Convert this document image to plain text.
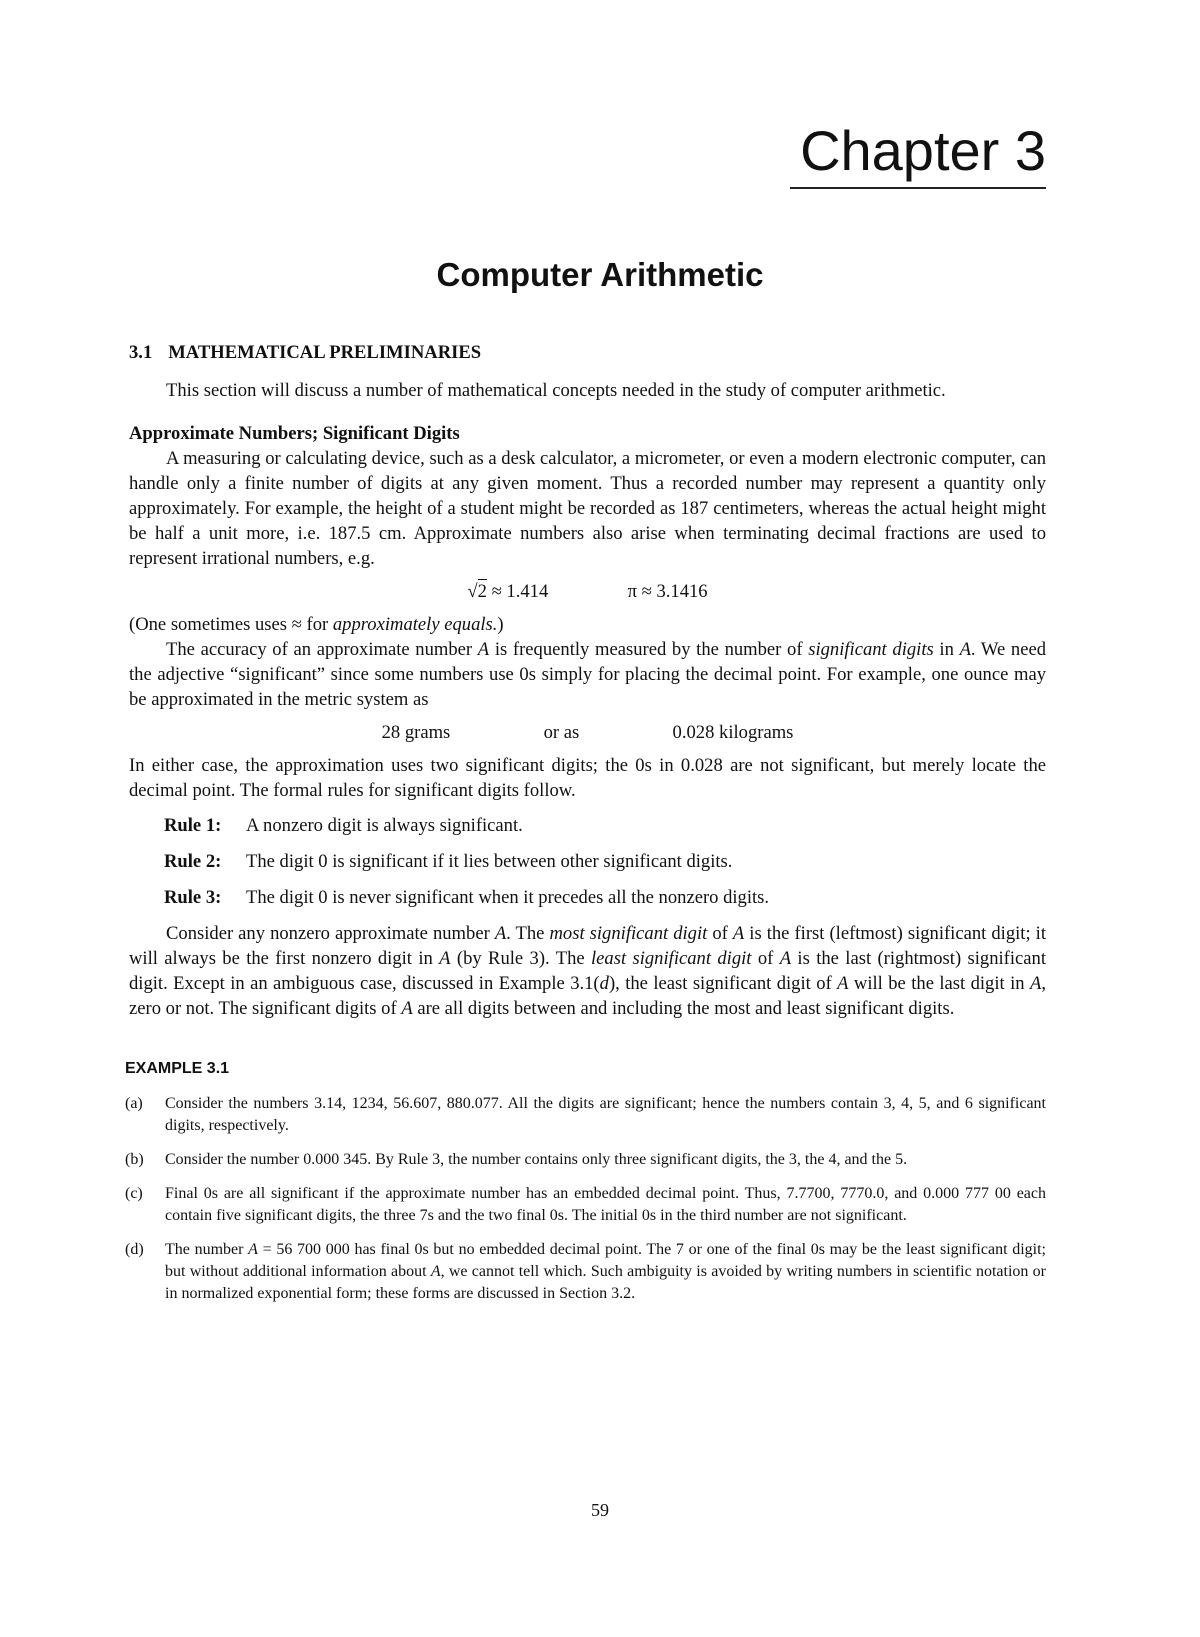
Chapter 3
Computer Arithmetic
3.1 MATHEMATICAL PRELIMINARIES

This section will discuss a number of mathematical concepts needed in the study of computer arithmetic.

Approximate Numbers; Significant Digits

A measuring or calculating device, such as a desk calculator, a micrometer, or even a modern electronic computer, can handle only a finite number of digits at any given moment. Thus a recorded number may represent a quantity only approximately. For example, the height of a student might be recorded as 187 centimeters, whereas the actual height might be half a unit more, i.e. 187.5 cm. Approximate numbers also arise when terminating decimal fractions are used to represent irrational numbers, e.g.

√2 ≈ 1.414	π ≈ 3.1416

(One sometimes uses ≈ for approximately equals.)

The accuracy of an approximate number A is frequently measured by the number of significant digits in A. We need the adjective “significant” since some numbers use 0s simply for placing the decimal point. For example, one ounce may be approximated in the metric system as

28 grams	or as	0.028 kilograms

In either case, the approximation uses two significant digits; the 0s in 0.028 are not significant, but merely locate the decimal point. The formal rules for significant digits follow.

Rule 1:	A nonzero digit is always significant.
Rule 2:	The digit 0 is significant if it lies between other significant digits.
Rule 3:	The digit 0 is never significant when it precedes all the nonzero digits.

Consider any nonzero approximate number A. The most significant digit of A is the first (leftmost) significant digit; it will always be the first nonzero digit in A (by Rule 3). The least significant digit of A is the last (rightmost) significant digit. Except in an ambiguous case, discussed in Example 3.1(d), the least significant digit of A will be the last digit in A, zero or not. The significant digits of A are all digits between and including the most and least significant digits.

EXAMPLE 3.1
(a)	Consider the numbers 3.14, 1234, 56.607, 880.077. All the digits are significant; hence the numbers contain 3, 4, 5, and 6 significant digits, respectively.
(b)	Consider the number 0.000 345. By Rule 3, the number contains only three significant digits, the 3, the 4, and the 5.
(c)	Final 0s are all significant if the approximate number has an embedded decimal point. Thus, 7.7700, 7770.0, and 0.000 777 00 each contain five significant digits, the three 7s and the two final 0s. The initial 0s in the third number are not significant.
(d)	The number A = 56 700 000 has final 0s but no embedded decimal point. The 7 or one of the final 0s may be the least significant digit; but without additional information about A, we cannot tell which. Such ambiguity is avoided by writing numbers in scientific notation or in normalized exponential form; these forms are discussed in Section 3.2.
59
